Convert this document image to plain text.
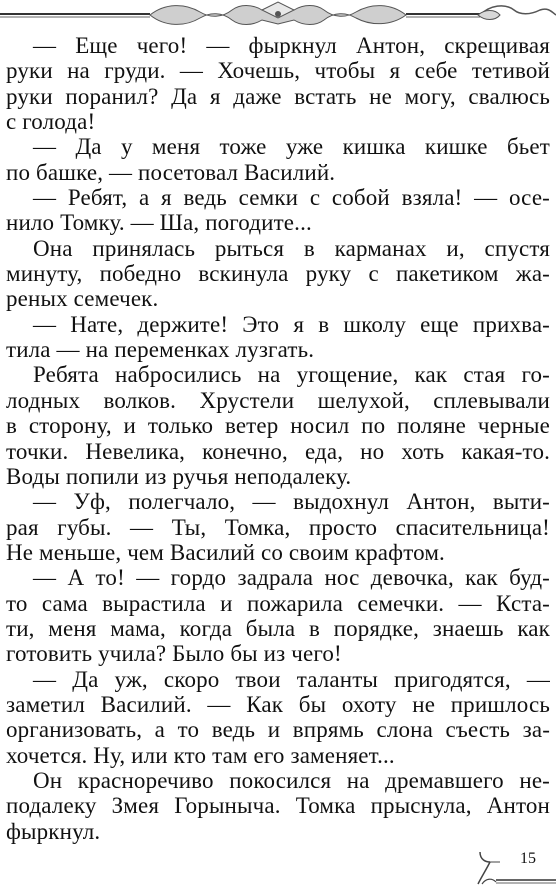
— Еще чего! — фыркнул Антон, скрещивая
руки на груди. — Хочешь, чтобы я себе тетивой
руки поранил? Да я даже встать не могу, свалюсь
с голода!
— Да у меня тоже уже кишка кишке бьет
по башке, — посетовал Василий.
— Ребят, а я ведь семки с собой взяла! — осе-
нило Томку. — Ша, погодите...
Она принялась рыться в карманах и, спустя
минуту, победно вскинула руку с пакетиком жа-
реных семечек.
— Нате, держите! Это я в школу еще прихва-
тила — на переменках лузгать.
Ребята набросились на угощение, как стая го-
лодных волков. Хрустели шелухой, сплевывали
в сторону, и только ветер носил по поляне черные
точки. Невелика, конечно, еда, но хоть какая-то.
Воды попили из ручья неподалеку.
— Уф, полегчало, — выдохнул Антон, выти-
рая губы. — Ты, Томка, просто спасительница!
Не меньше, чем Василий со своим крафтом.
— А то! — гордо задрала нос девочка, как буд-
то сама вырастила и пожарила семечки. — Кста-
ти, меня мама, когда была в порядке, знаешь как
готовить учила? Было бы из чего!
— Да уж, скоро твои таланты пригодятся, —
заметил Василий. — Как бы охоту не пришлось
организовать, а то ведь и впрямь слона съесть за-
хочется. Ну, или кто там его заменяет...
Он красноречиво покосился на дремавшего не-
подалеку Змея Горыныча. Томка прыснула, Антон
фыркнул.
15
